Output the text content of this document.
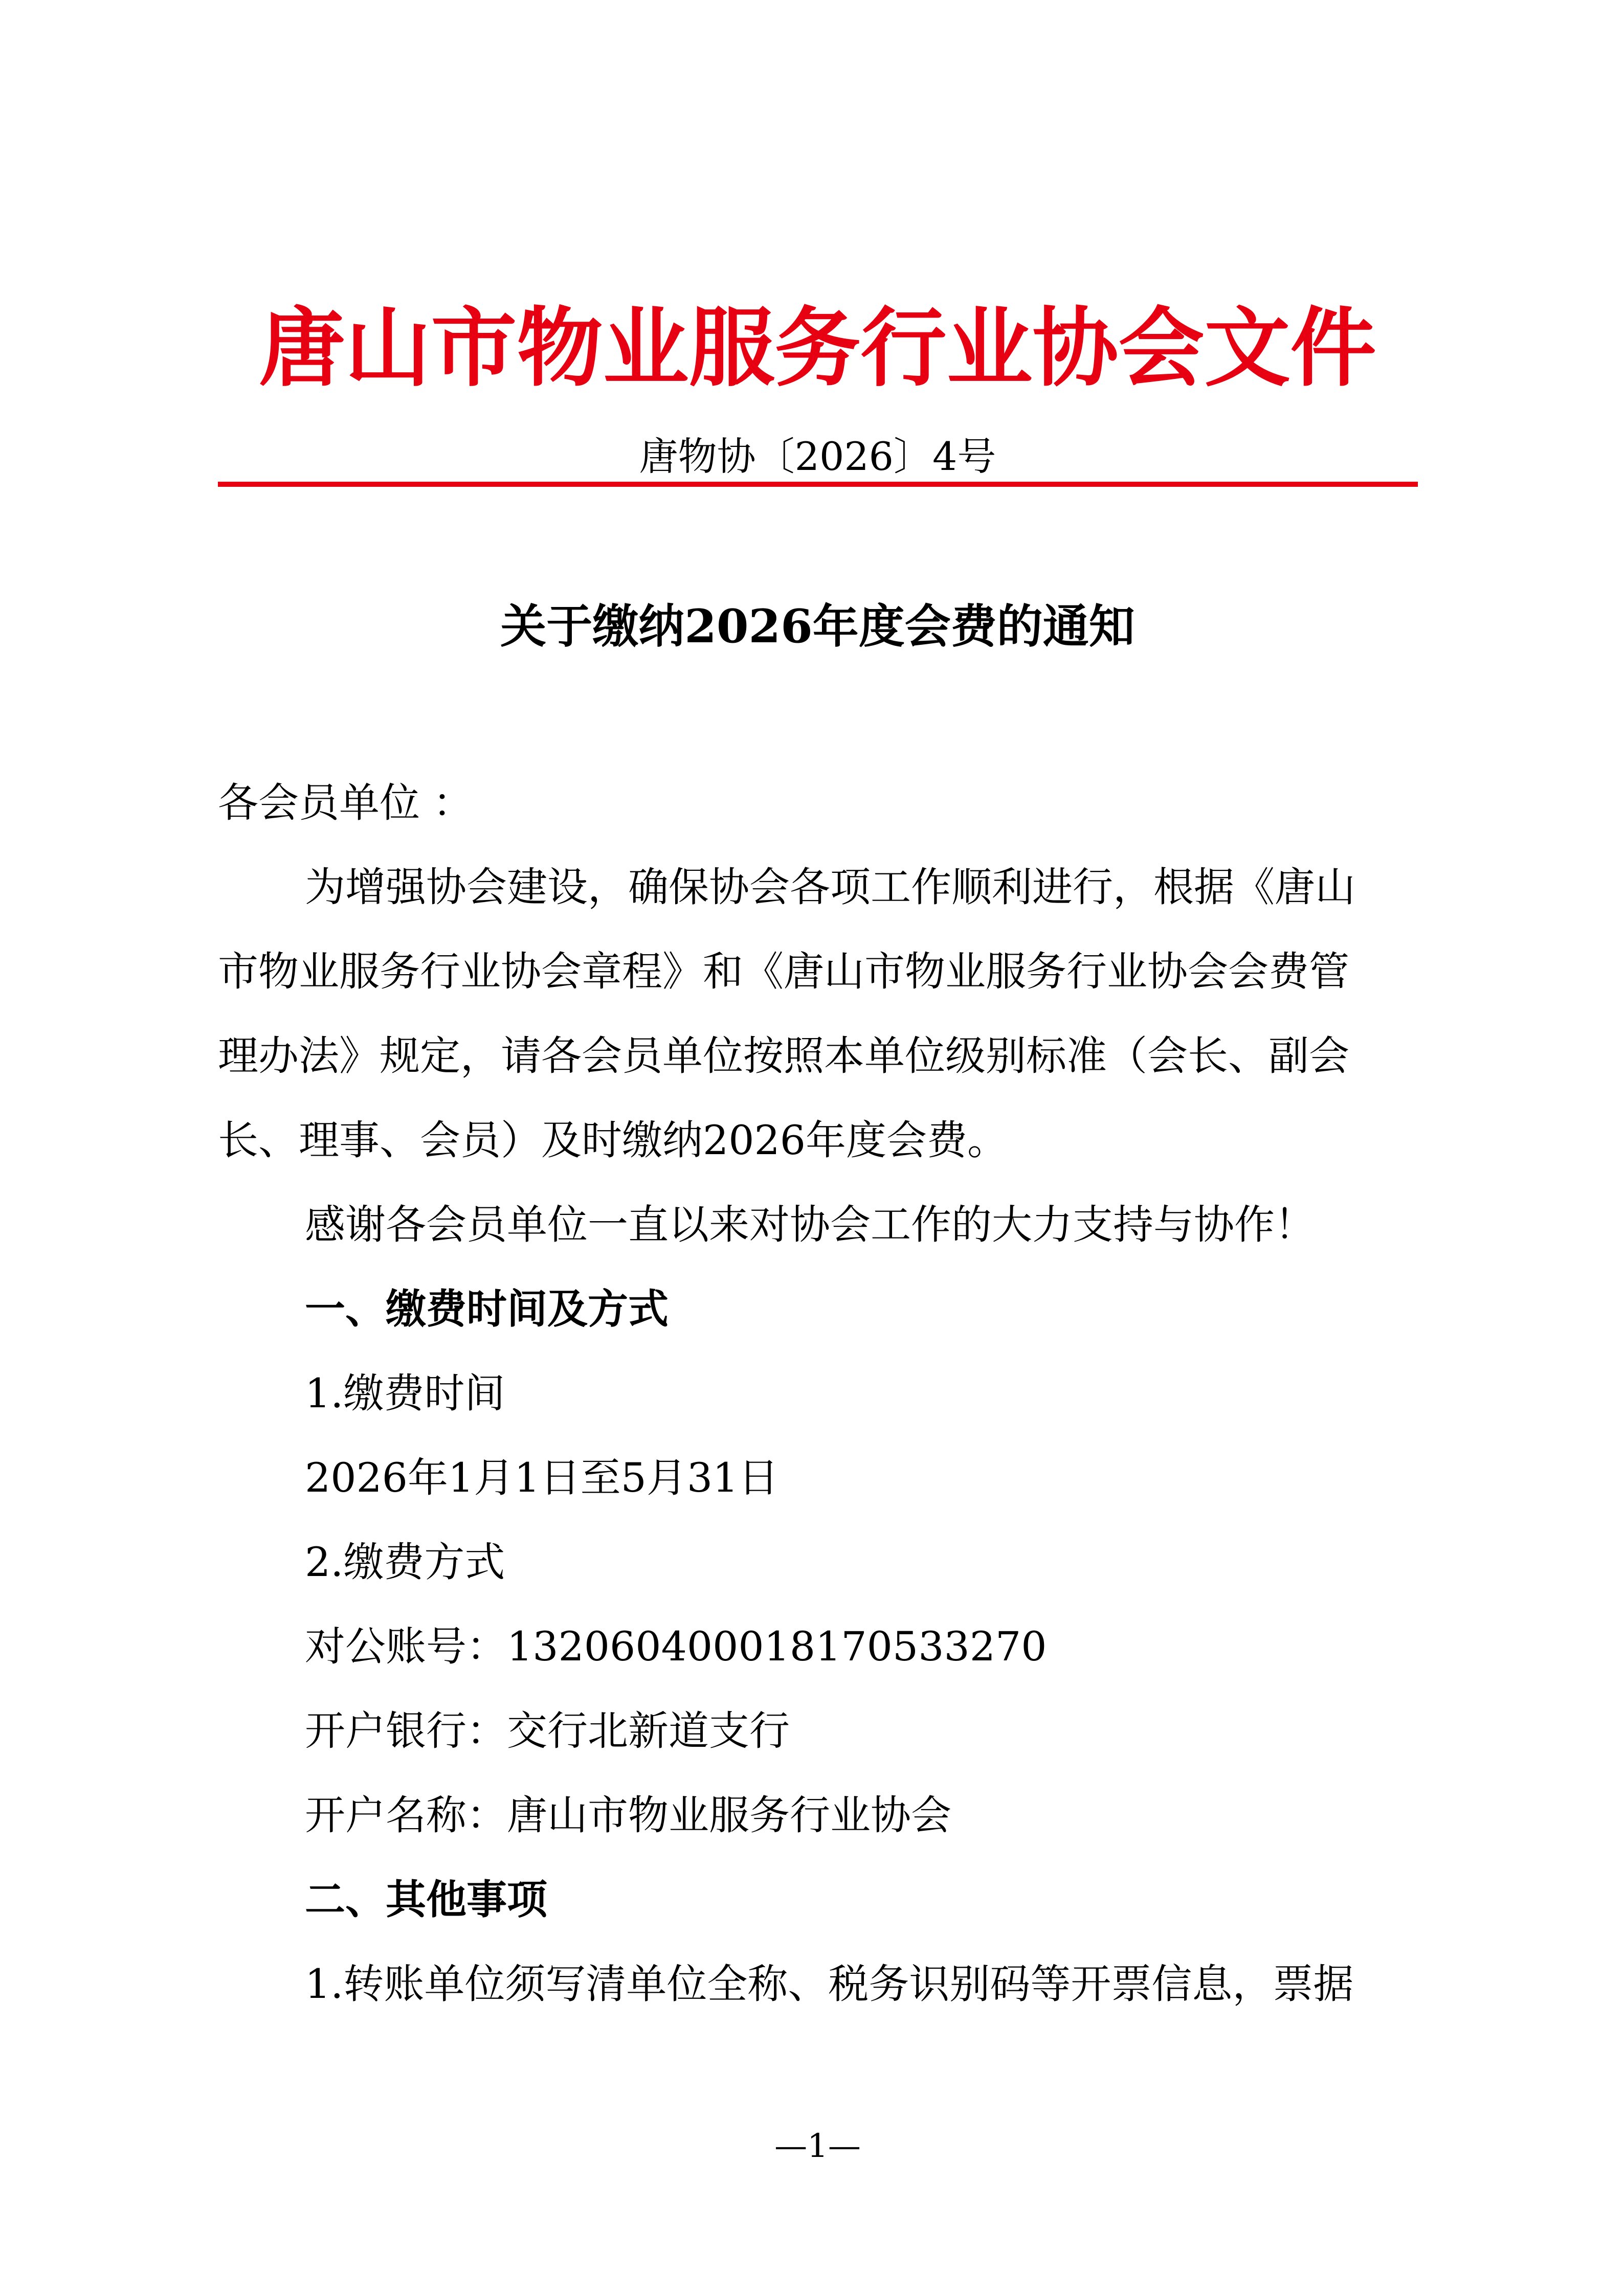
唐山市物业服务行业协会文件
唐物协〔2026〕4号
关于缴纳2026年度会费的通知
各会员单位 ：
为增强协会建设，确保协会各项工作顺利进行，根据《唐山
市物业服务行业协会章程》和《唐山市物业服务行业协会会费管
理办法》规定，请各会员单位按照本单位级别标准（会长、副会
长、理事、会员）及时缴纳2026年度会费。
感谢各会员单位一直以来对协会工作的大力支持与协作！
一、缴费时间及方式
1.缴费时间
2026年1月1日至5月31日
2.缴费方式
对公账号：132060400018170533270
开户银行：交行北新道支行
开户名称：唐山市物业服务行业协会
二、其他事项
1.转账单位须写清单位全称、税务识别码等开票信息，票据
—1—
